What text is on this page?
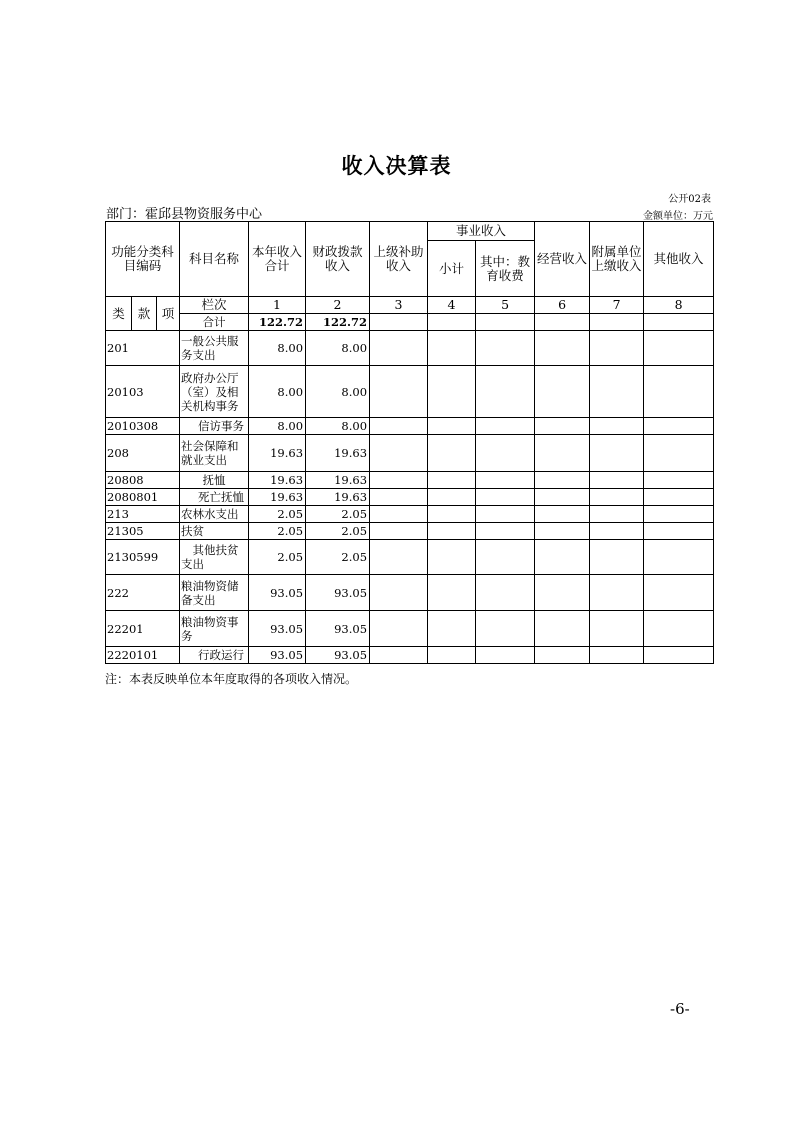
收入决算表
公开02表
部门：霍邱县物资服务中心	金额单位：万元
功能分类科目编码			科目名称	本年收入合计	财政拨款收入	上级补助收入	事业收入		经营收入	附属单位上缴收入	其他收入
							小计	其中：教育收费			
类	款	项	栏次	1	2	3	4	5	6	7	8
			合计	122.72	122.72						
201			一般公共服务支出	8.00	8.00						
20103			政府办公厅（室）及相关机构事务	8.00	8.00						
2010308			信访事务	8.00	8.00						
208			社会保障和就业支出	19.63	19.63						
20808			抚恤	19.63	19.63						
2080801			死亡抚恤	19.63	19.63						
213			农林水支出	2.05	2.05						
21305			扶贫	2.05	2.05						
2130599			其他扶贫支出	2.05	2.05						
222			粮油物资储备支出	93.05	93.05						
22201			粮油物资事务	93.05	93.05						
2220101			行政运行	93.05	93.05						
注：本表反映单位本年度取得的各项收入情况。
-6-
